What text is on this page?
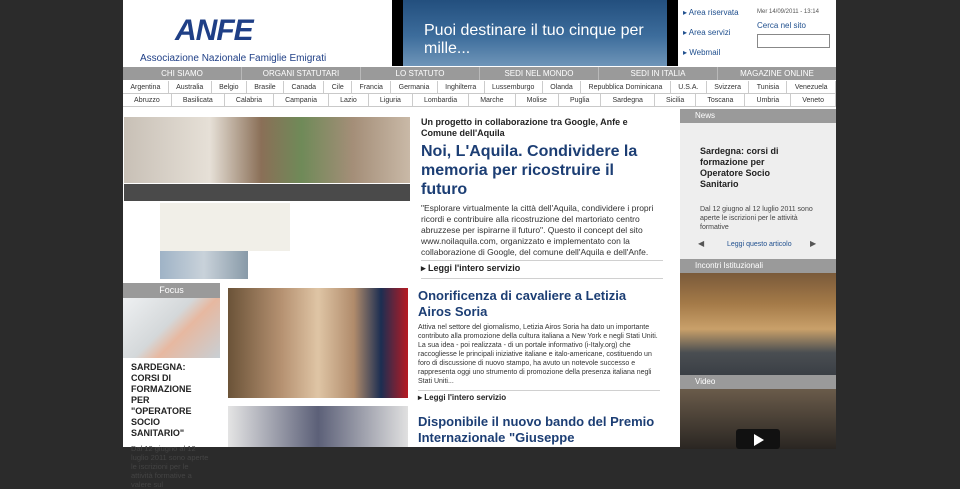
ANFE
Associazione Nazionale Famiglie Emigrati
Puoi destinare il tuo cinque per mille...
▸ Area riservata
▸ Area servizi
▸ Webmail
Mer 14/09/2011 - 13:14
Cerca nel sito
CHI SIAMO	ORGANI STATUTARI	LO STATUTO	SEDI NEL MONDO	SEDI IN ITALIA	MAGAZINE ONLINE
Argentina	Australia	Belgio	Brasile	Canada	Cile	Francia	Germania	Inghilterra	Lussemburgo	Olanda	Repubblica Dominicana	U.S.A.	Svizzera	Tunisia	Venezuela
Abruzzo	Basilicata	Calabria	Campania	Lazio	Liguria	Lombardia	Marche	Molise	Puglia	Sardegna	Sicilia	Toscana	Umbria	Veneto
Un progetto in collaborazione tra Google, Anfe e Comune dell'Aquila
Noi, L'Aquila. Condividere la memoria per ricostruire il futuro
"Esplorare virtualmente la città dell'Aquila, condividere i propri ricordi e contribuire alla ricostruzione del martoriato centro abruzzese per ispirarne il futuro". Questo il concept del sito www.noilaquila.com, organizzato e implementato con la collaborazione di Google, del comune dell'Aquila e dell'Anfe.
▸ Leggi l'intero servizio
Focus
SARDEGNA: CORSI DI FORMAZIONE PER "OPERATORE SOCIO SANITARIO"
Dal 12 giugno al 12 luglio 2011 sono aperte le iscrizioni per le attività formative a valere sul
Onorificenza di cavaliere a Letizia Airos Soria
Attiva nel settore del giornalismo, Letizia Airos Soria ha dato un importante contributo alla promozione della cultura italiana a New York e negli Stati Uniti. La sua idea - poi realizzata - di un portale informativo (i-Italy.org) che raccogliesse le principali iniziative italiane e italo-americane, costituendo un foro di discussione di nuovo stampo, ha avuto un notevole successo e rappresenta oggi uno strumento di promozione della presenza italiana negli Stati Uniti...
▸ Leggi l'intero servizio
Disponibile il nuovo bando del Premio Internazionale "Giuseppe
News
Sardegna: corsi di formazione per Operatore Socio Sanitario
Dal 12 giugno al 12 luglio 2011 sono aperte le iscrizioni per le attività formative
◀	Leggi questo articolo ▶
Incontri Istituzionali
Video
